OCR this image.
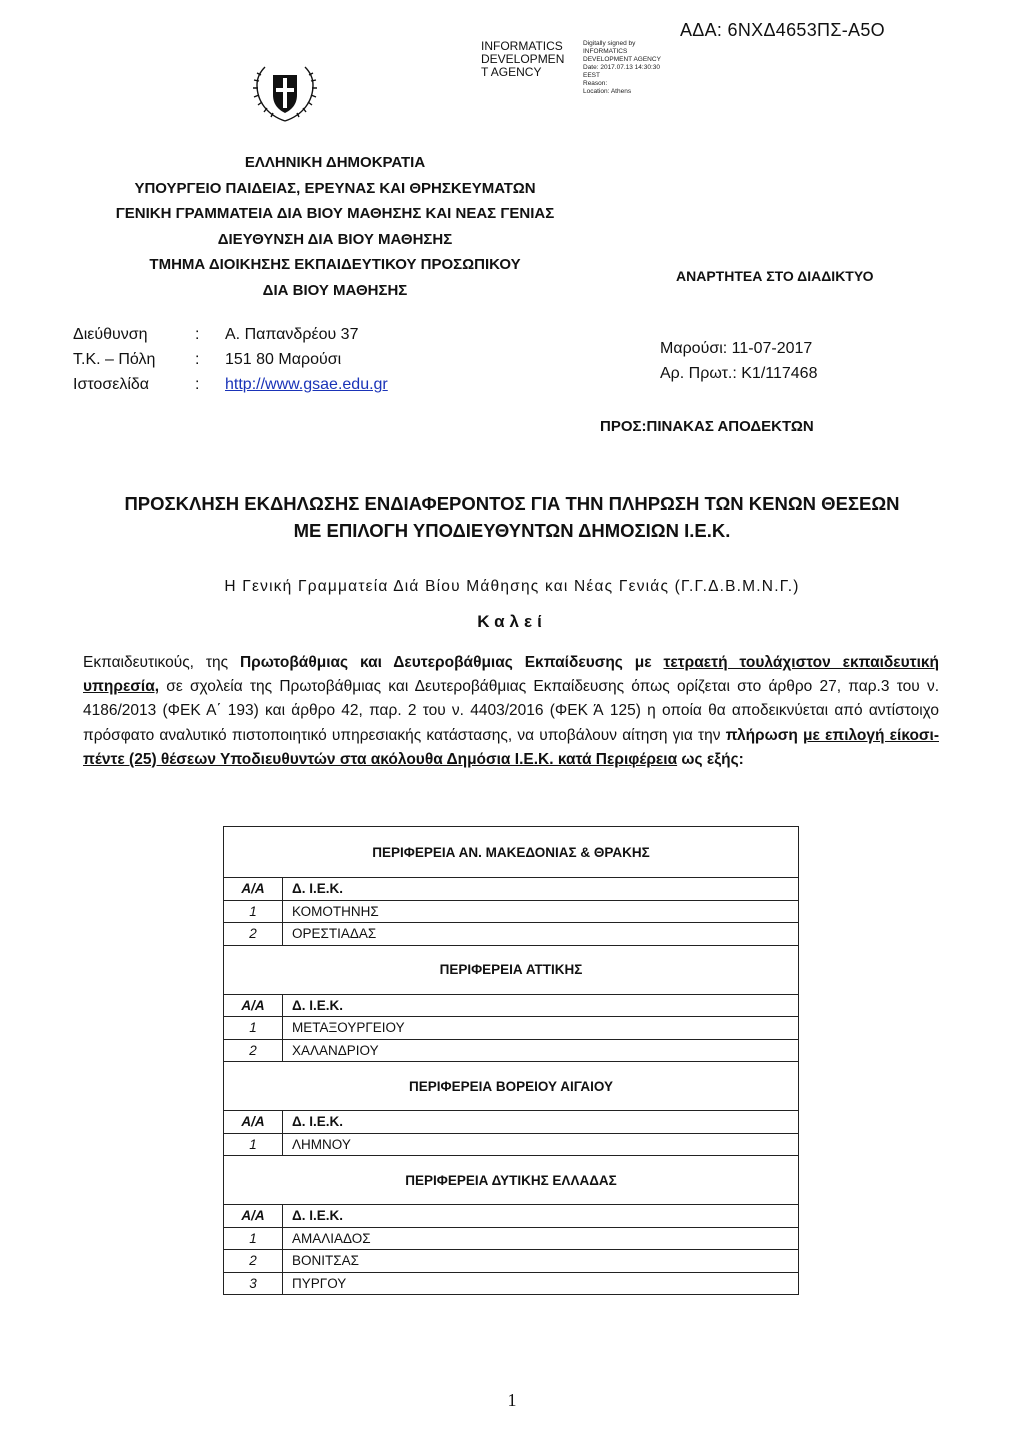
ΑΔΑ: 6ΝΧΔ4653ΠΣ-Α5Ο
INFORMATICS
DEVELOPMEN
T AGENCY
Digitally signed by
INFORMATICS
DEVELOPMENT AGENCY
Date: 2017.07.13 14:30:30
EEST
Reason:
Location: Athens
ΕΛΛΗΝΙΚΗ ΔΗΜΟΚΡΑΤΙΑ
ΥΠΟΥΡΓΕΙΟ ΠΑΙΔΕΙΑΣ, ΕΡΕΥΝΑΣ ΚΑΙ ΘΡΗΣΚΕΥΜΑΤΩΝ
ΓΕΝΙΚΗ ΓΡΑΜΜΑΤΕΙΑ ΔΙΑ ΒΙΟΥ ΜΑΘΗΣΗΣ ΚΑΙ ΝΕΑΣ ΓΕΝΙΑΣ
ΔΙΕΥΘΥΝΣΗ ΔΙΑ ΒΙΟΥ ΜΑΘΗΣΗΣ
ΤΜΗΜΑ ΔΙΟΙΚΗΣΗΣ ΕΚΠΑΙΔΕΥΤΙΚΟΥ ΠΡΟΣΩΠΙΚΟΥ
ΔΙΑ ΒΙΟΥ ΜΑΘΗΣΗΣ
ΑΝΑΡΤΗΤΕΑ ΣΤΟ ΔΙΑΔΙΚΤΥΟ
Διεύθυνση	:	Α. Παπανδρέου 37
Τ.Κ. – Πόλη	:	151 80 Μαρούσι
Ιστοσελίδα	:	http://www.gsae.edu.gr
Μαρούσι: 11-07-2017
Αρ. Πρωτ.: Κ1/117468
ΠΡΟΣ:ΠΙΝΑΚΑΣ ΑΠΟΔΕΚΤΩΝ
ΠΡΟΣΚΛΗΣΗ ΕΚΔΗΛΩΣΗΣ ΕΝΔΙΑΦΕΡΟΝΤΟΣ ΓΙΑ ΤΗΝ ΠΛΗΡΩΣΗ ΤΩΝ ΚΕΝΩΝ ΘΕΣΕΩΝ
ΜΕ ΕΠΙΛΟΓΗ ΥΠΟΔΙΕΥΘΥΝΤΩΝ ΔΗΜΟΣΙΩΝ Ι.Ε.Κ.
Η Γενική Γραμματεία Διά Βίου Μάθησης και Νέας Γενιάς (Γ.Γ.Δ.Β.Μ.Ν.Γ.)
Καλεί
Εκπαιδευτικούς, της Πρωτοβάθμιας και Δευτεροβάθμιας Εκπαίδευσης με τετραετή τουλάχιστον εκπαιδευτική υπηρεσία, σε σχολεία της Πρωτοβάθμιας και Δευτεροβάθμιας Εκπαίδευσης όπως ορίζεται στο άρθρο 27, παρ.3 του ν. 4186/2013 (ΦΕΚ Α΄ 193) και άρθρο 42, παρ. 2 του ν. 4403/2016 (ΦΕΚ Ά 125) η οποία θα αποδεικνύεται από αντίστοιχο πρόσφατο αναλυτικό πιστοποιητικό υπηρεσιακής κατάστασης, να υποβάλουν αίτηση για την πλήρωση με επιλογή είκοσι- πέντε (25) θέσεων Υποδιευθυντών στα ακόλουθα Δημόσια Ι.Ε.Κ. κατά Περιφέρεια ως εξής:
ΠΕΡΙΦΕΡΕΙΑ ΑΝ. ΜΑΚΕΔΟΝΙΑΣ & ΘΡΑΚΗΣ	
Α/Α	Δ. Ι.Ε.Κ.
1	ΚΟΜΟΤΗΝΗΣ
2	ΟΡΕΣΤΙΑΔΑΣ
ΠΕΡΙΦΕΡΕΙΑ ΑΤΤΙΚΗΣ	
Α/Α	Δ. Ι.Ε.Κ.
1	ΜΕΤΑΞΟΥΡΓΕΙΟΥ
2	ΧΑΛΑΝΔΡΙΟΥ
ΠΕΡΙΦΕΡΕΙΑ ΒΟΡΕΙΟΥ ΑΙΓΑΙΟΥ	
Α/Α	Δ. Ι.Ε.Κ.
1	ΛΗΜΝΟΥ
ΠΕΡΙΦΕΡΕΙΑ ΔΥΤΙΚΗΣ ΕΛΛΑΔΑΣ	
Α/Α	Δ. Ι.Ε.Κ.
1	ΑΜΑΛΙΑΔΟΣ
2	ΒΟΝΙΤΣΑΣ
3	ΠΥΡΓΟΥ
1
